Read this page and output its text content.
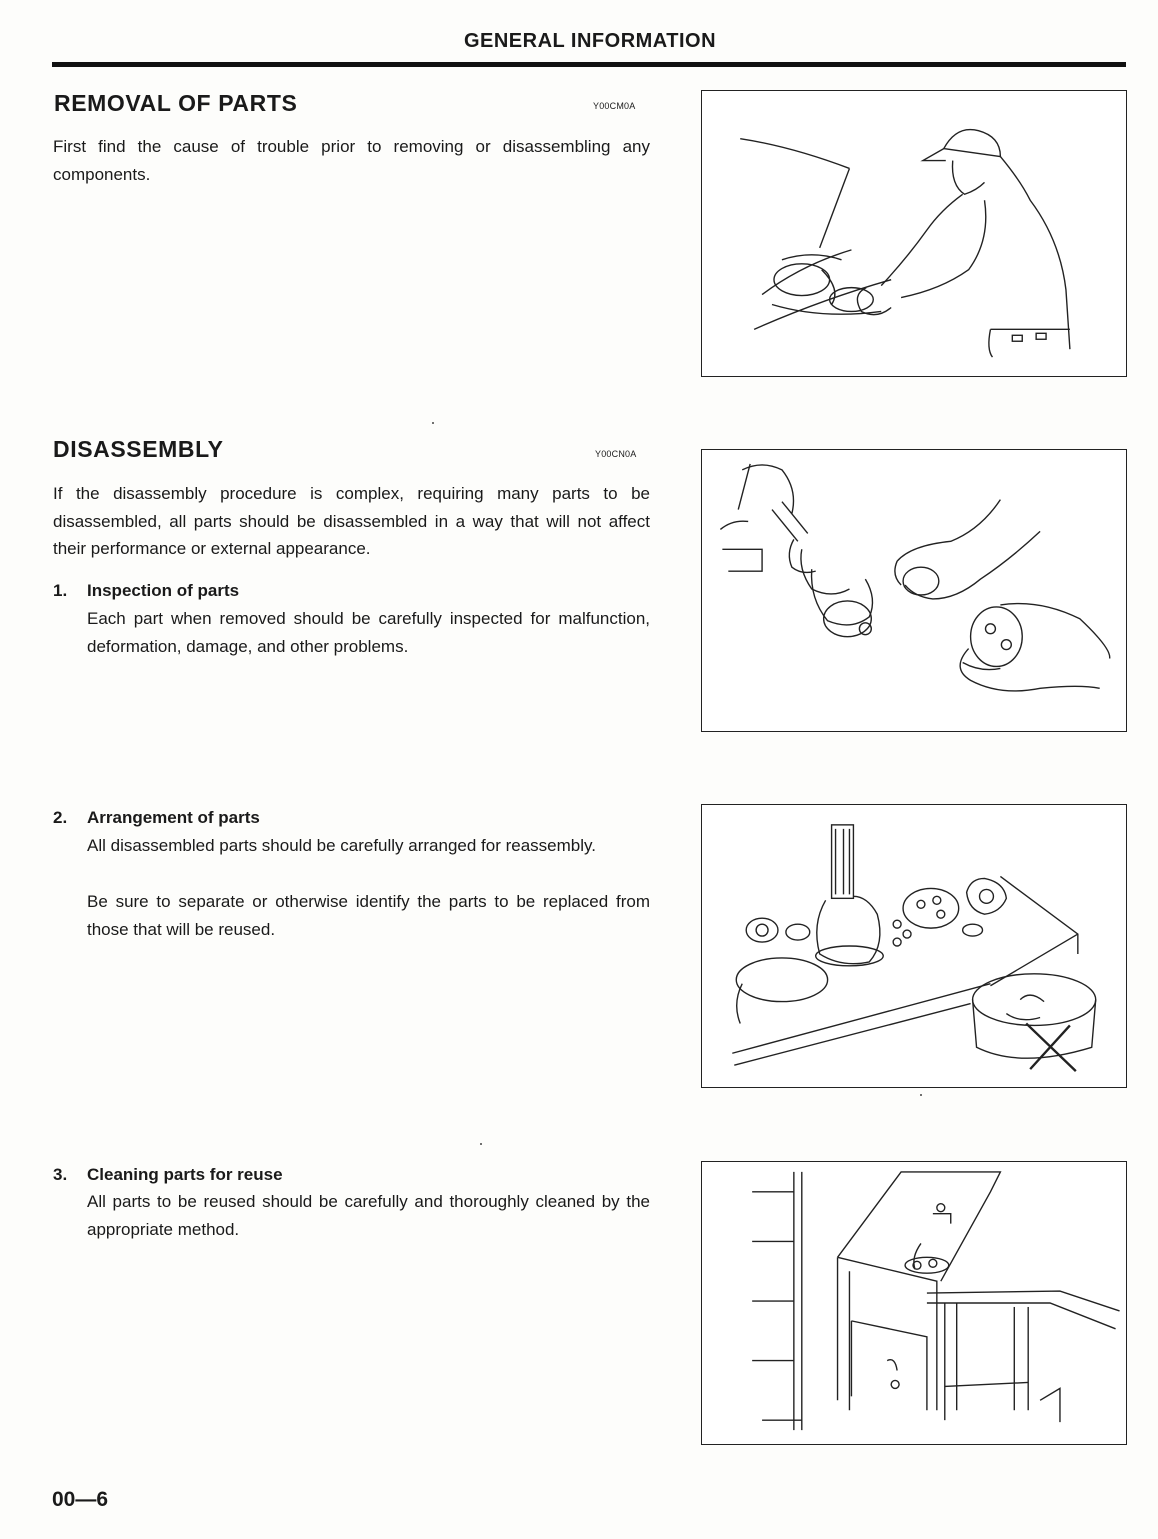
GENERAL INFORMATION
REMOVAL OF PARTS	Y00CM0A
First find the cause of trouble prior to removing or disassembling any components.
DISASSEMBLY	Y00CN0A
If the disassembly procedure is complex, requiring many parts to be disassembled, all parts should be disassembled in a way that will not affect their performance or external appearance.
1. Inspection of parts
Each part when removed should be carefully inspected for malfunction, deformation, damage, and other problems.
2. Arrangement of parts
All disassembled parts should be carefully arranged for reassembly.
Be sure to separate or otherwise identify the parts to be replaced from those that will be reused.
3. Cleaning parts for reuse
All parts to be reused should be carefully and thoroughly cleaned by the appropriate method.
00—6
